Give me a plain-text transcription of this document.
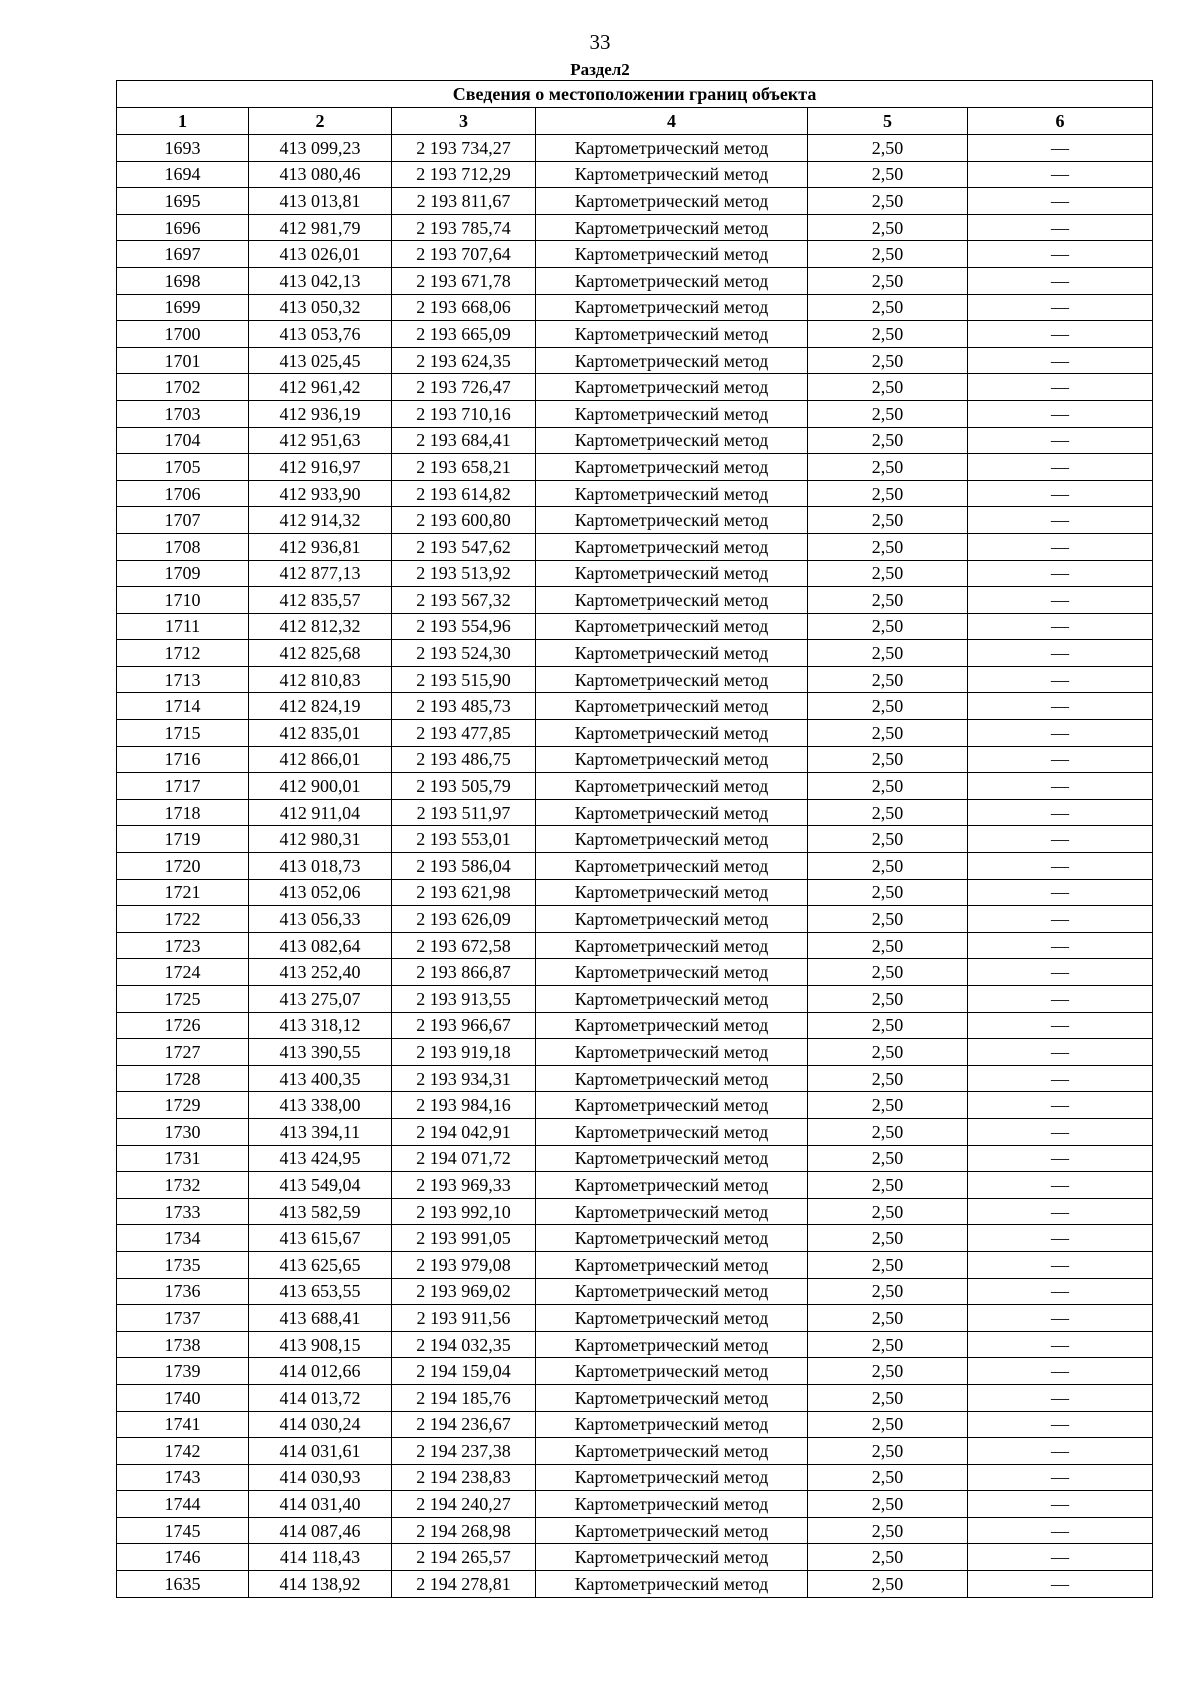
33
Раздел2
Сведения о местоположении границ объекта					
1	2	3	4	5	6
1693	413 099,23	2 193 734,27	Картометрический метод	2,50	—
1694	413 080,46	2 193 712,29	Картометрический метод	2,50	—
1695	413 013,81	2 193 811,67	Картометрический метод	2,50	—
1696	412 981,79	2 193 785,74	Картометрический метод	2,50	—
1697	413 026,01	2 193 707,64	Картометрический метод	2,50	—
1698	413 042,13	2 193 671,78	Картометрический метод	2,50	—
1699	413 050,32	2 193 668,06	Картометрический метод	2,50	—
1700	413 053,76	2 193 665,09	Картометрический метод	2,50	—
1701	413 025,45	2 193 624,35	Картометрический метод	2,50	—
1702	412 961,42	2 193 726,47	Картометрический метод	2,50	—
1703	412 936,19	2 193 710,16	Картометрический метод	2,50	—
1704	412 951,63	2 193 684,41	Картометрический метод	2,50	—
1705	412 916,97	2 193 658,21	Картометрический метод	2,50	—
1706	412 933,90	2 193 614,82	Картометрический метод	2,50	—
1707	412 914,32	2 193 600,80	Картометрический метод	2,50	—
1708	412 936,81	2 193 547,62	Картометрический метод	2,50	—
1709	412 877,13	2 193 513,92	Картометрический метод	2,50	—
1710	412 835,57	2 193 567,32	Картометрический метод	2,50	—
1711	412 812,32	2 193 554,96	Картометрический метод	2,50	—
1712	412 825,68	2 193 524,30	Картометрический метод	2,50	—
1713	412 810,83	2 193 515,90	Картометрический метод	2,50	—
1714	412 824,19	2 193 485,73	Картометрический метод	2,50	—
1715	412 835,01	2 193 477,85	Картометрический метод	2,50	—
1716	412 866,01	2 193 486,75	Картометрический метод	2,50	—
1717	412 900,01	2 193 505,79	Картометрический метод	2,50	—
1718	412 911,04	2 193 511,97	Картометрический метод	2,50	—
1719	412 980,31	2 193 553,01	Картометрический метод	2,50	—
1720	413 018,73	2 193 586,04	Картометрический метод	2,50	—
1721	413 052,06	2 193 621,98	Картометрический метод	2,50	—
1722	413 056,33	2 193 626,09	Картометрический метод	2,50	—
1723	413 082,64	2 193 672,58	Картометрический метод	2,50	—
1724	413 252,40	2 193 866,87	Картометрический метод	2,50	—
1725	413 275,07	2 193 913,55	Картометрический метод	2,50	—
1726	413 318,12	2 193 966,67	Картометрический метод	2,50	—
1727	413 390,55	2 193 919,18	Картометрический метод	2,50	—
1728	413 400,35	2 193 934,31	Картометрический метод	2,50	—
1729	413 338,00	2 193 984,16	Картометрический метод	2,50	—
1730	413 394,11	2 194 042,91	Картометрический метод	2,50	—
1731	413 424,95	2 194 071,72	Картометрический метод	2,50	—
1732	413 549,04	2 193 969,33	Картометрический метод	2,50	—
1733	413 582,59	2 193 992,10	Картометрический метод	2,50	—
1734	413 615,67	2 193 991,05	Картометрический метод	2,50	—
1735	413 625,65	2 193 979,08	Картометрический метод	2,50	—
1736	413 653,55	2 193 969,02	Картометрический метод	2,50	—
1737	413 688,41	2 193 911,56	Картометрический метод	2,50	—
1738	413 908,15	2 194 032,35	Картометрический метод	2,50	—
1739	414 012,66	2 194 159,04	Картометрический метод	2,50	—
1740	414 013,72	2 194 185,76	Картометрический метод	2,50	—
1741	414 030,24	2 194 236,67	Картометрический метод	2,50	—
1742	414 031,61	2 194 237,38	Картометрический метод	2,50	—
1743	414 030,93	2 194 238,83	Картометрический метод	2,50	—
1744	414 031,40	2 194 240,27	Картометрический метод	2,50	—
1745	414 087,46	2 194 268,98	Картометрический метод	2,50	—
1746	414 118,43	2 194 265,57	Картометрический метод	2,50	—
1635	414 138,92	2 194 278,81	Картометрический метод	2,50	—
